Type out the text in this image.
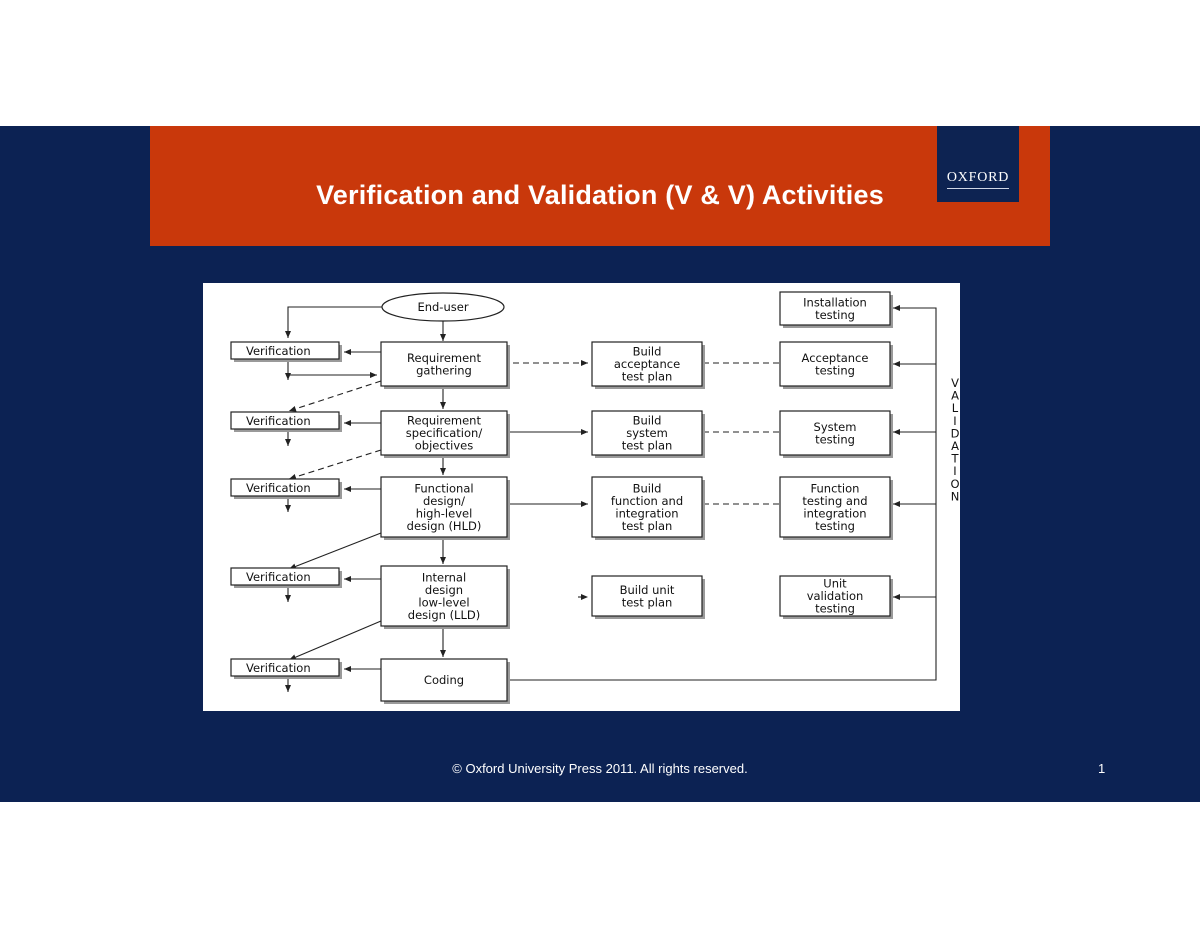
Verification and Validation (V & V) Activities
OXFORD
End-user
Verification
Verification
Verification
Verification
Verification
Requirement
gathering
Requirement
specification/
objectives
Functional
design/
high-level
design (HLD)
Internal
design
low-level
design (LLD)
Coding
Build
acceptance
test plan
Build
system
test plan
Build
function and
integration
test plan
Build unit
test plan
Installation
testing
Acceptance
testing
System
testing
Function
testing and
integration
testing
Unit
validation
testing
V
A
L
I
D
A
T
I
O
N
© Oxford University Press 2011. All rights reserved.	1
